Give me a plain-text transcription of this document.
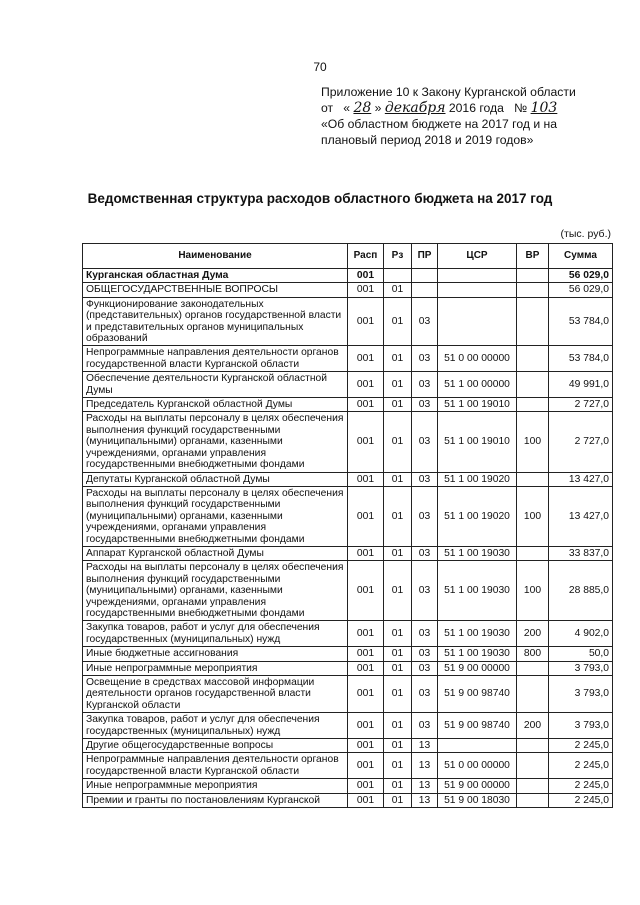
70
Приложение 10 к Закону Курганской области
от « 28 » декабря 2016 года № 103
«Об областном бюджете на 2017 год и на
плановый период 2018 и 2019 годов»
Ведомственная структура расходов областного бюджета на 2017 год
(тыс. руб.)
Наименование	Расп	Рз	ПР	ЦСР	ВР	Сумма
Курганская областная Дума	001					56 029,0
ОБЩЕГОСУДАРСТВЕННЫЕ ВОПРОСЫ	001	01				56 029,0
Функционирование законодательных (представительных) органов государственной власти и представительных органов муниципальных образований	001	01	03			53 784,0
Непрограммные направления деятельности органов государственной власти Курганской области	001	01	03	51 0 00 00000		53 784,0
Обеспечение деятельности Курганской областной Думы	001	01	03	51 1 00 00000		49 991,0
Председатель Курганской областной Думы	001	01	03	51 1 00 19010		2 727,0
Расходы на выплаты персоналу в целях обеспечения выполнения функций государственными (муниципальными) органами, казенными учреждениями, органами управления государственными внебюджетными фондами	001	01	03	51 1 00 19010	100	2 727,0
Депутаты Курганской областной Думы	001	01	03	51 1 00 19020		13 427,0
Расходы на выплаты персоналу в целях обеспечения выполнения функций государственными (муниципальными) органами, казенными учреждениями, органами управления государственными внебюджетными фондами	001	01	03	51 1 00 19020	100	13 427,0
Аппарат Курганской областной Думы	001	01	03	51 1 00 19030		33 837,0
Расходы на выплаты персоналу в целях обеспечения выполнения функций государственными (муниципальными) органами, казенными учреждениями, органами управления государственными внебюджетными фондами	001	01	03	51 1 00 19030	100	28 885,0
Закупка товаров, работ и услуг для обеспечения государственных (муниципальных) нужд	001	01	03	51 1 00 19030	200	4 902,0
Иные бюджетные ассигнования	001	01	03	51 1 00 19030	800	50,0
Иные непрограммные мероприятия	001	01	03	51 9 00 00000		3 793,0
Освещение в средствах массовой информации деятельности органов государственной власти Курганской области	001	01	03	51 9 00 98740		3 793,0
Закупка товаров, работ и услуг для обеспечения государственных (муниципальных) нужд	001	01	03	51 9 00 98740	200	3 793,0
Другие общегосударственные вопросы	001	01	13			2 245,0
Непрограммные направления деятельности органов государственной власти Курганской области	001	01	13	51 0 00 00000		2 245,0
Иные непрограммные мероприятия	001	01	13	51 9 00 00000		2 245,0
Премии и гранты по постановлениям Курганской	001	01	13	51 9 00 18030		2 245,0
